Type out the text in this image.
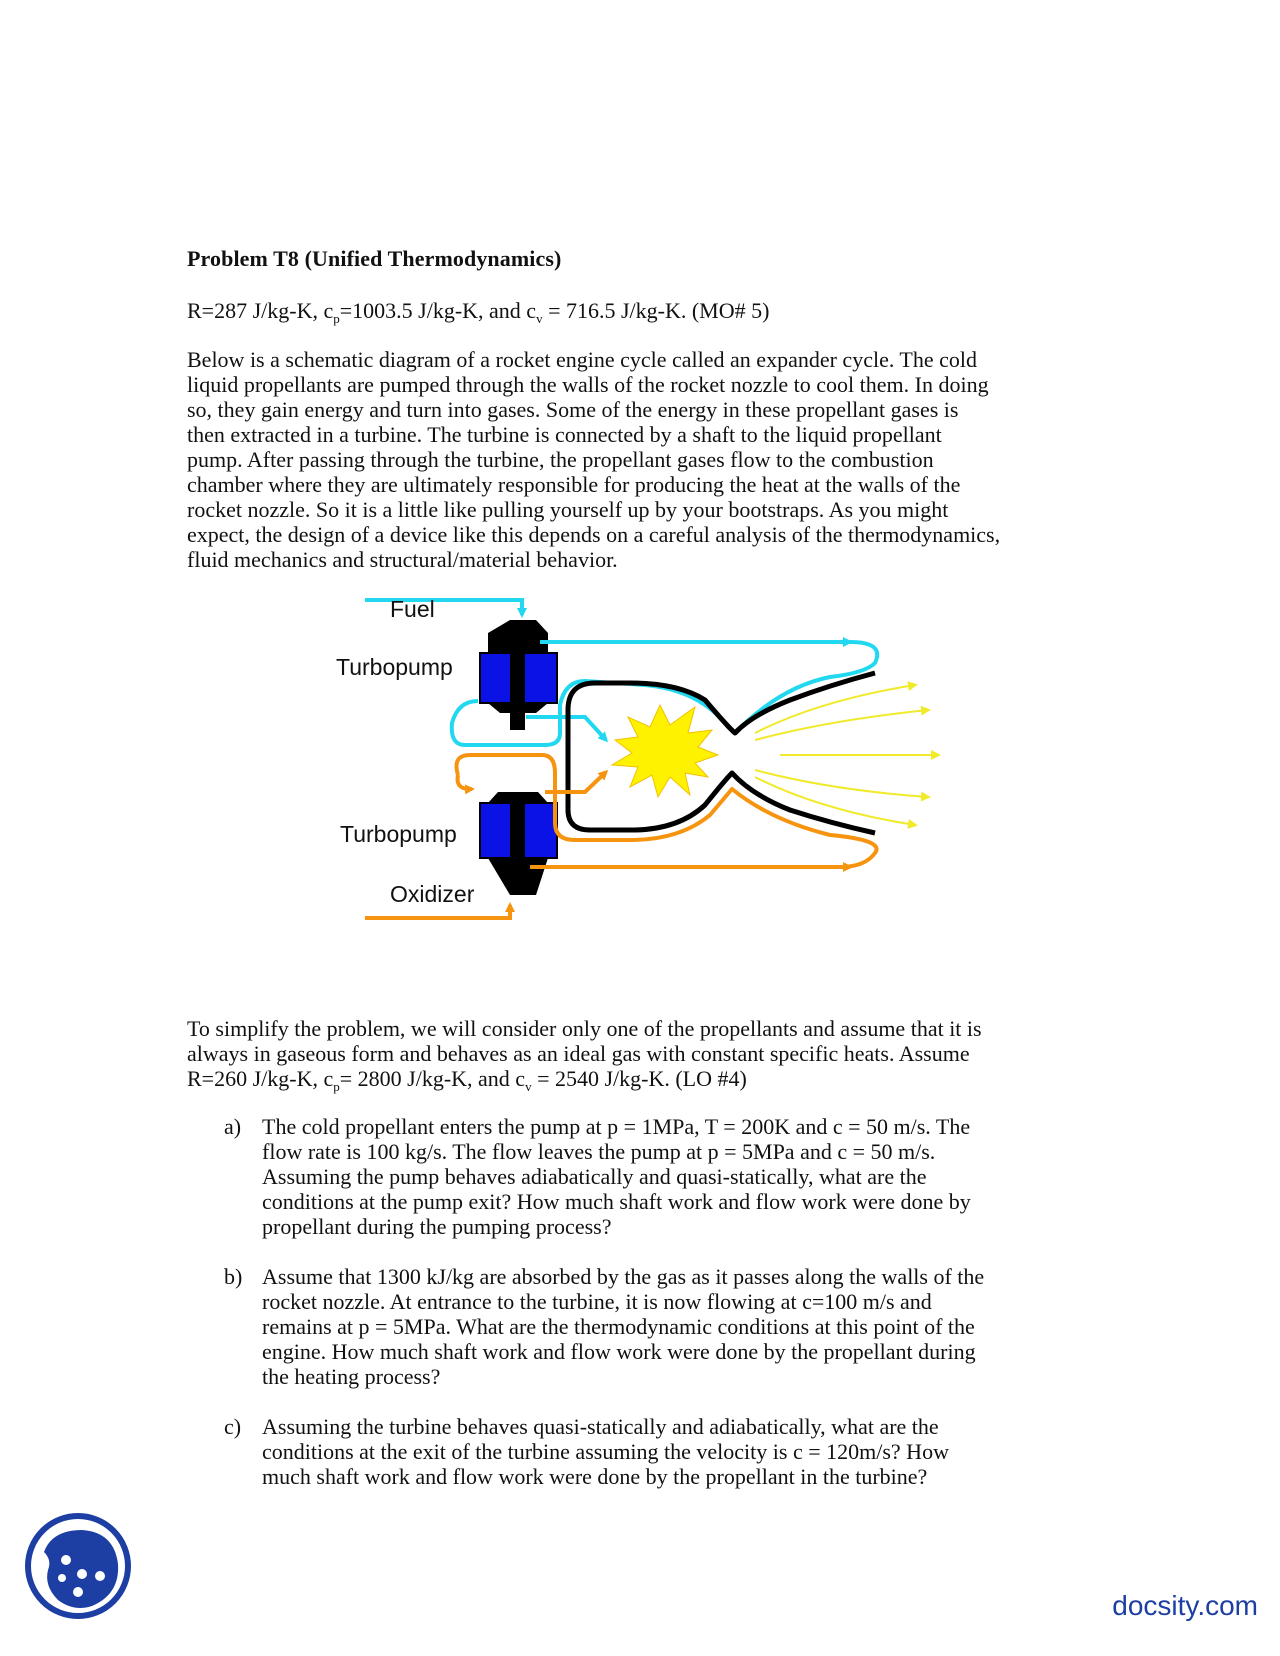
Problem T8 (Unified Thermodynamics)
R=287 J/kg-K, $c_p=1003.5$ J/kg-K, and $c_v = 716.5$ J/kg-K. (MO# 5)
Below is a schematic diagram of a rocket engine cycle called an expander cycle. The cold
liquid propellants are pumped through the walls of the rocket nozzle to cool them. In doing
so, they gain energy and turn into gases. Some of the energy in these propellant gases is
then extracted in a turbine. The turbine is connected by a shaft to the liquid propellant
pump. After passing through the turbine, the propellant gases flow to the combustion
chamber where they are ultimately responsible for producing the heat at the walls of the
rocket nozzle. So it is a little like pulling yourself up by your bootstraps. As you might
expect, the design of a device like this depends on a careful analysis of the thermodynamics,
fluid mechanics and structural/material behavior.
To simplify the problem, we will consider only one of the propellants and assume that it is
always in gaseous form and behaves as an ideal gas with constant specific heats. Assume
R=260 J/kg-K, $c_p= 2800$ J/kg-K, and $c_v = 2540$ J/kg-K. (LO #4)
a) The cold propellant enters the pump at p = 1MPa, T = 200K and c = 50 m/s. The
flow rate is 100 kg/s. The flow leaves the pump at p = 5MPa and c = 50 m/s.
Assuming the pump behaves adiabatically and quasi-statically, what are the
conditions at the pump exit? How much shaft work and flow work were done by
propellant during the pumping process?
b) Assume that 1300 kJ/kg are absorbed by the gas as it passes along the walls of the
rocket nozzle. At entrance to the turbine, it is now flowing at c=100 m/s and
remains at p = 5MPa. What are the thermodynamic conditions at this point of the
engine. How much shaft work and flow work were done by the propellant during
the heating process?
c) Assuming the turbine behaves quasi-statically and adiabatically, what are the
conditions at the exit of the turbine assuming the velocity is c = 120m/s? How
much shaft work and flow work were done by the propellant in the turbine?
Fuel
Turbopump
Turbopump
Oxidizer
docsity.com
